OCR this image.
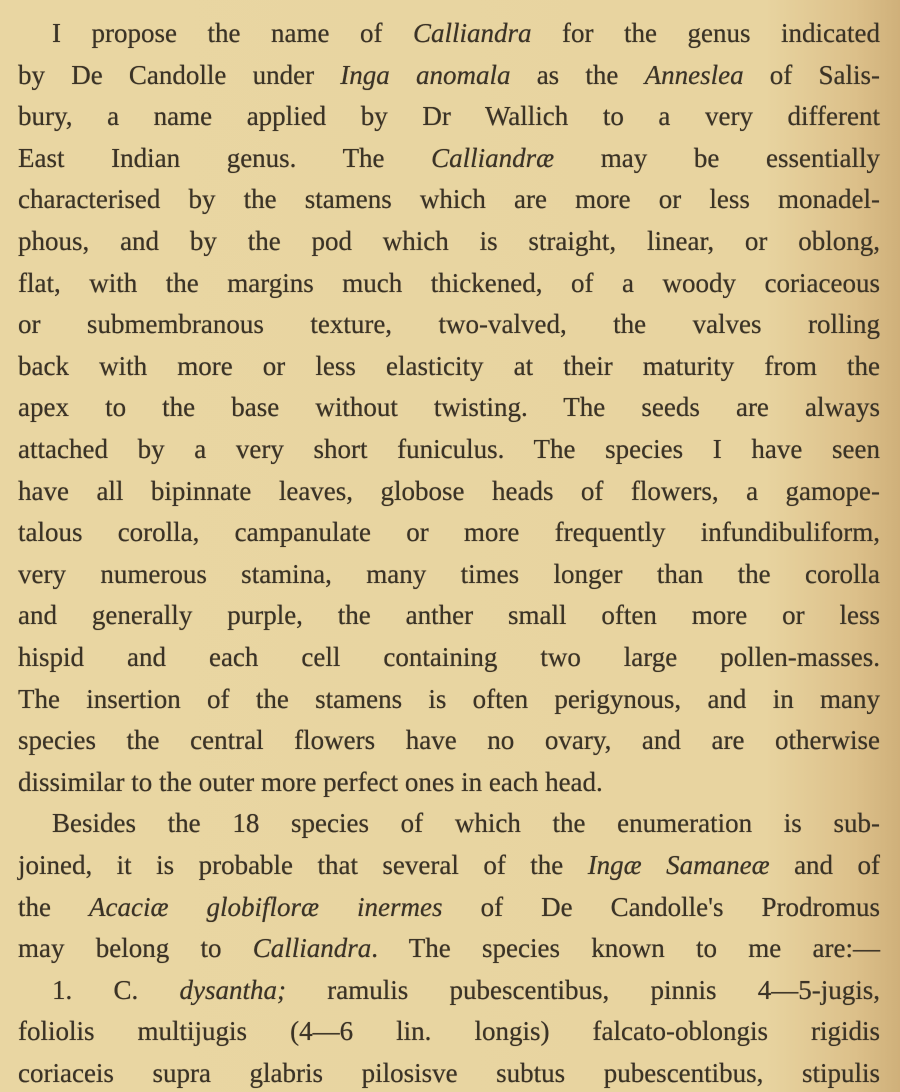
I propose the name of Calliandra for the genus indicated
by De Candolle under Inga anomala as the Anneslea of Salis-
bury, a name applied by Dr Wallich to a very different
East Indian genus. The Calliandræ may be essentially
characterised by the stamens which are more or less monadel-
phous, and by the pod which is straight, linear, or oblong,
flat, with the margins much thickened, of a woody coriaceous
or submembranous texture, two-valved, the valves rolling
back with more or less elasticity at their maturity from the
apex to the base without twisting. The seeds are always
attached by a very short funiculus. The species I have seen
have all bipinnate leaves, globose heads of flowers, a gamope-
talous corolla, campanulate or more frequently infundibuliform,
very numerous stamina, many times longer than the corolla
and generally purple, the anther small often more or less
hispid and each cell containing two large pollen-masses.
The insertion of the stamens is often perigynous, and in many
species the central flowers have no ovary, and are otherwise
dissimilar to the outer more perfect ones in each head.
Besides the 18 species of which the enumeration is sub-
joined, it is probable that several of the Ingæ Samaneæ and of
the Acaciæ globifloræ inermes of De Candolle's Prodromus
may belong to Calliandra. The species known to me are:—
1. C. dysantha; ramulis pubescentibus, pinnis 4—5-jugis,
foliolis multijugis (4—6 lin. longis) falcato-oblongis rigidis
coriaceis supra glabris pilosisve subtus pubescentibus, stipulis
